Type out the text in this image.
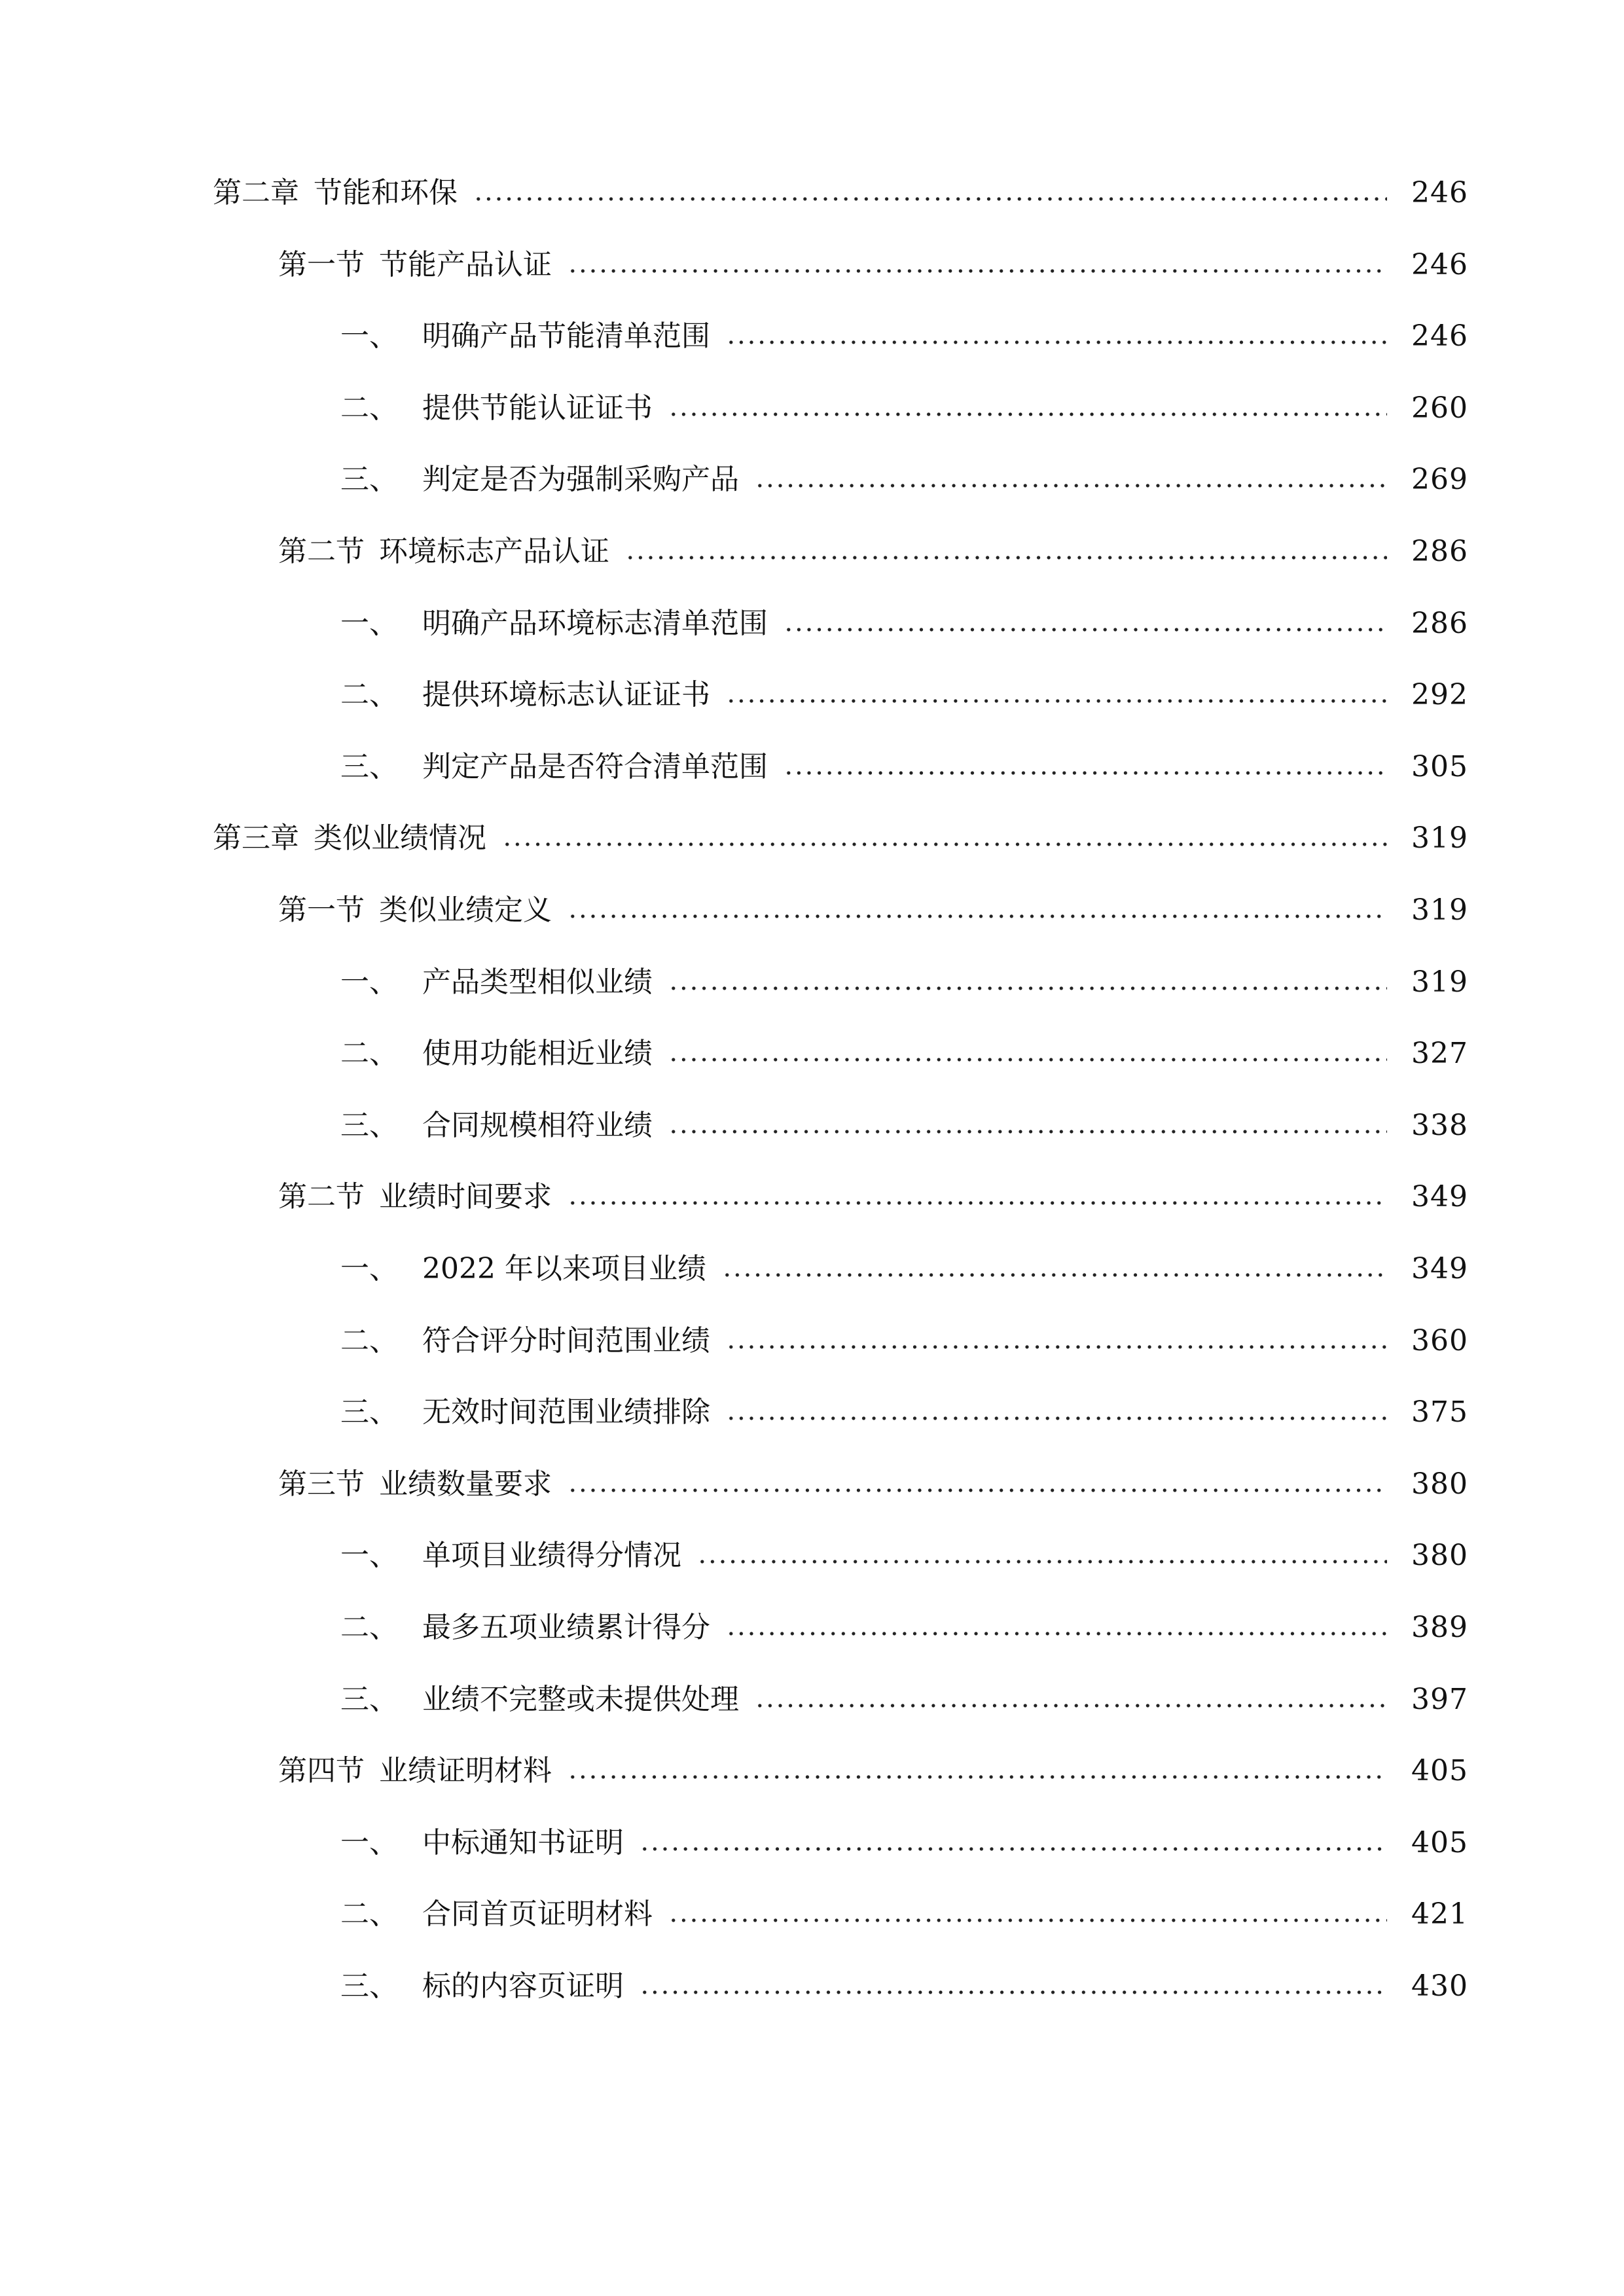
第二章 节能和环保	246
第一节 节能产品认证	246
一、 明确产品节能清单范围	246
二、 提供节能认证证书	260
三、 判定是否为强制采购产品	269
第二节 环境标志产品认证	286
一、 明确产品环境标志清单范围	286
二、 提供环境标志认证证书	292
三、 判定产品是否符合清单范围	305
第三章 类似业绩情况	319
第一节 类似业绩定义	319
一、 产品类型相似业绩	319
二、 使用功能相近业绩	327
三、 合同规模相符业绩	338
第二节 业绩时间要求	349
一、 2022 年以来项目业绩	349
二、 符合评分时间范围业绩	360
三、 无效时间范围业绩排除	375
第三节 业绩数量要求	380
一、 单项目业绩得分情况	380
二、 最多五项业绩累计得分	389
三、 业绩不完整或未提供处理	397
第四节 业绩证明材料	405
一、 中标通知书证明	405
二、 合同首页证明材料	421
三、 标的内容页证明	430
